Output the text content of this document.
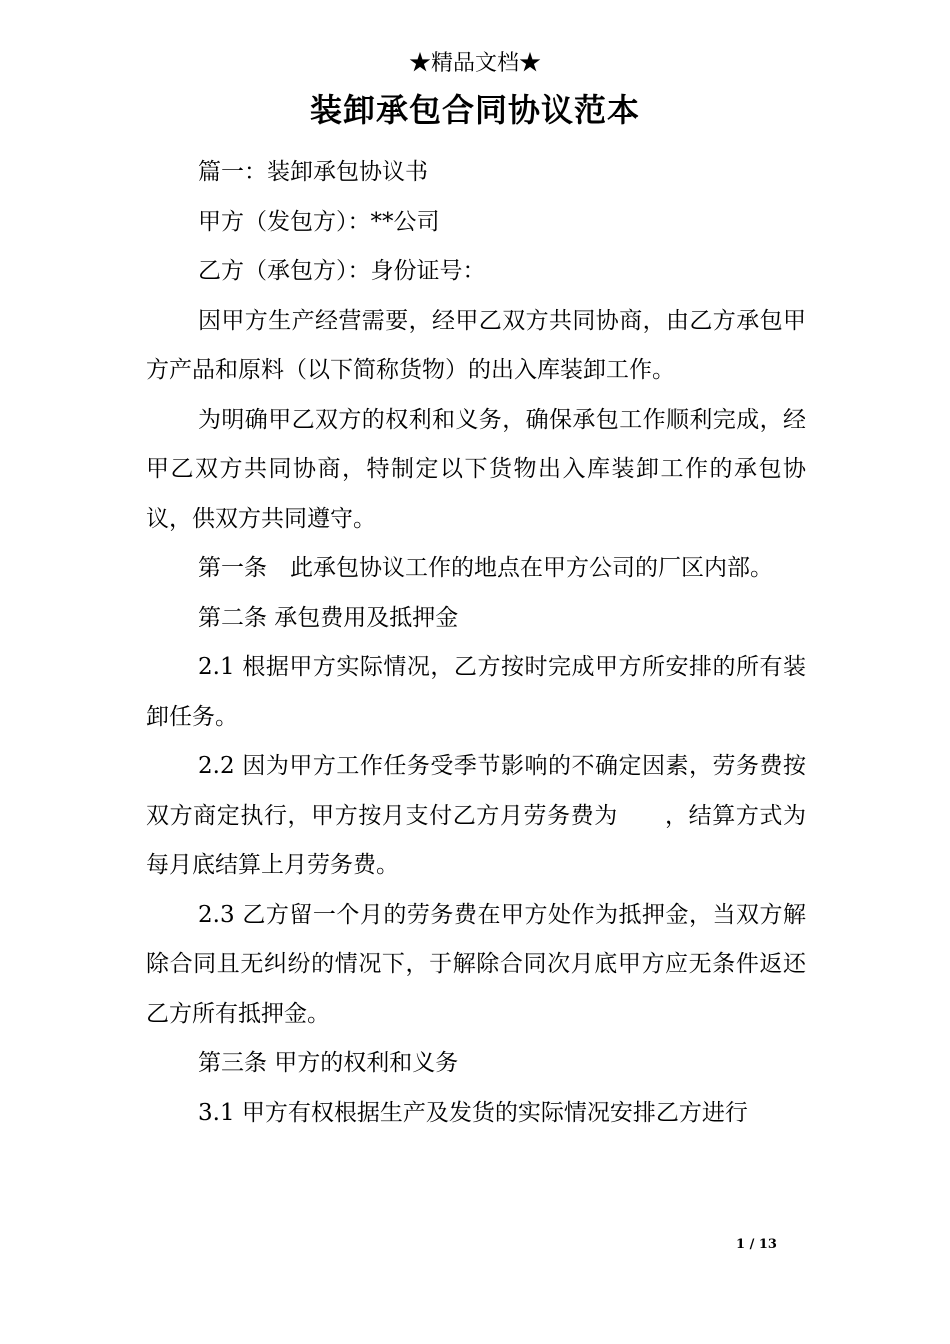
★精品文档★
装卸承包合同协议范本

篇一：装卸承包协议书

甲方（发包方）：**公司

乙方（承包方）：身份证号：

因甲方生产经营需要，经甲乙双方共同协商，由乙方承包甲方产品和原料（以下简称货物）的出入库装卸工作。

为明确甲乙双方的权利和义务，确保承包工作顺利完成，经甲乙双方共同协商，特制定以下货物出入库装卸工作的承包协议，供双方共同遵守。

第一条　此承包协议工作的地点在甲方公司的厂区内部。

第二条 承包费用及抵押金

2.1 根据甲方实际情况，乙方按时完成甲方所安排的所有装卸任务。

2.2 因为甲方工作任务受季节影响的不确定因素，劳务费按双方商定执行，甲方按月支付乙方月劳务费为　　，结算方式为每月底结算上月劳务费。

2.3 乙方留一个月的劳务费在甲方处作为抵押金，当双方解除合同且无纠纷的情况下，于解除合同次月底甲方应无条件返还乙方所有抵押金。

第三条 甲方的权利和义务

3.1 甲方有权根据生产及发货的实际情况安排乙方进行

1 / 13
